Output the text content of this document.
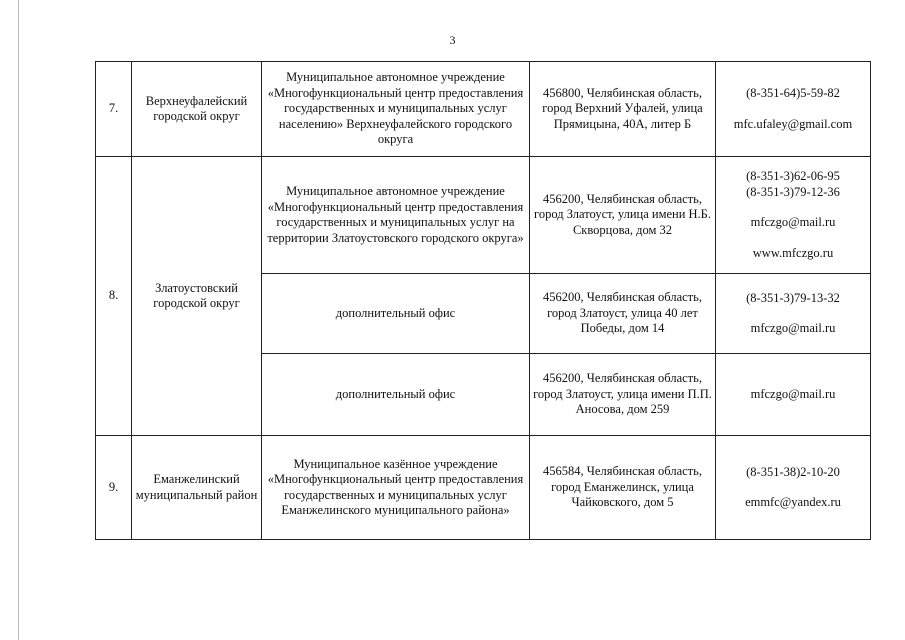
3
7.	Верхнеуфалейский городской округ	Муниципальное автономное учреждение «Многофункциональный центр предоставления государственных и муниципальных услуг населению» Верхнеуфалейского городского округа	456800, Челябинская область, город Верхний Уфалей, улица Прямицына, 40А, литер Б	(8-351-64)5-59-82
mfc.ufaley@gmail.com

8.	Златоустовский городской округ	Муниципальное автономное учреждение «Многофункциональный центр предоставления государственных и муниципальных услуг на территории Златоустовского городского округа»	456200, Челябинская область, город Златоуст, улица имени Н.Б. Скворцова, дом 32	(8-351-3)62-06-95
(8-351-3)79-12-36
mfczgo@mail.ru
www.mfczgo.ru

		дополнительный офис	456200, Челябинская область, город Златоуст, улица 40 лет Победы, дом 14	(8-351-3)79-13-32
mfczgo@mail.ru

		дополнительный офис	456200, Челябинская область, город Златоуст, улица имени П.П. Аносова, дом 259	mfczgo@mail.ru

9.	Еманжелинский муниципальный район	Муниципальное казённое учреждение «Многофункциональный центр предоставления государственных и муниципальных услуг Еманжелинского муниципального района»	456584, Челябинская область, город Еманжелинск, улица Чайковского, дом 5	(8-351-38)2-10-20
emmfc@yandex.ru
